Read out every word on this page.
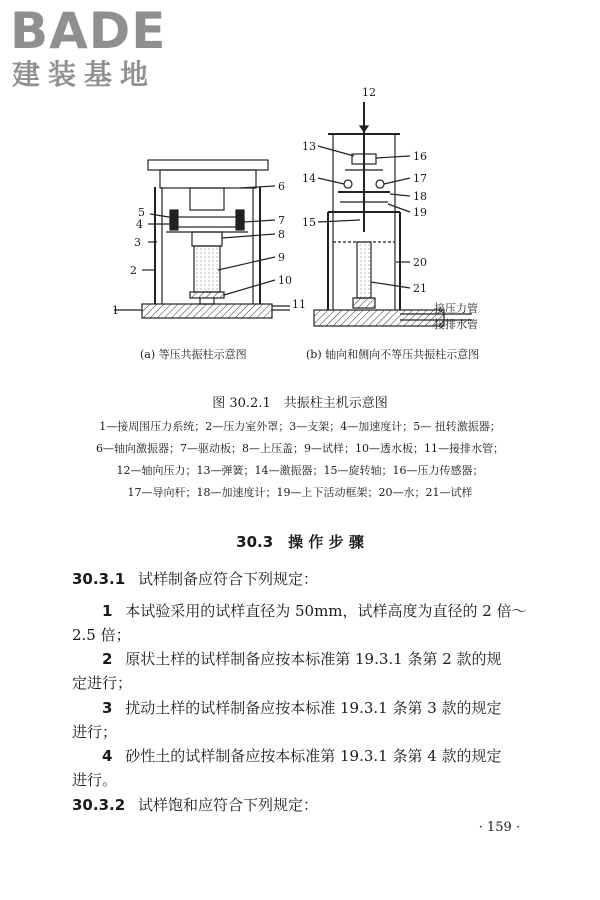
BADE
建装基地
1
2
3
4
5
6
7
8
9
10
11
12
13
14
15
16
17
18
19
20
21
接压力管
接排水管
(a) 等压共振柱示意图	(b) 轴向和侧向不等压共振柱示意图
图 30.2.1　共振柱主机示意图
1—接周围压力系统；2—压力室外罩；3—支架；4—加速度计；5— 扭转激振器；
6—轴向激振器；7—驱动板；8—上压盖；9—试样；10—透水板；11—接排水管；
12—轴向压力；13—弹簧；14—激振器；15—旋转轴；16—压力传感器；
17—导向杆；18—加速度计；19—上下活动框架；20—水；21—试样
30.3　操 作 步 骤
30.3.1 试样制备应符合下列规定：
1 本试验采用的试样直径为 50mm，试样高度为直径的 2 倍～
2.5 倍；
2 原状土样的试样制备应按本标准第 19.3.1 条第 2 款的规
定进行；
3 扰动土样的试样制备应按本标准 19.3.1 条第 3 款的规定
进行；
4 砂性土的试样制备应按本标准第 19.3.1 条第 4 款的规定
进行。
30.3.2 试样饱和应符合下列规定：
· 159 ·
